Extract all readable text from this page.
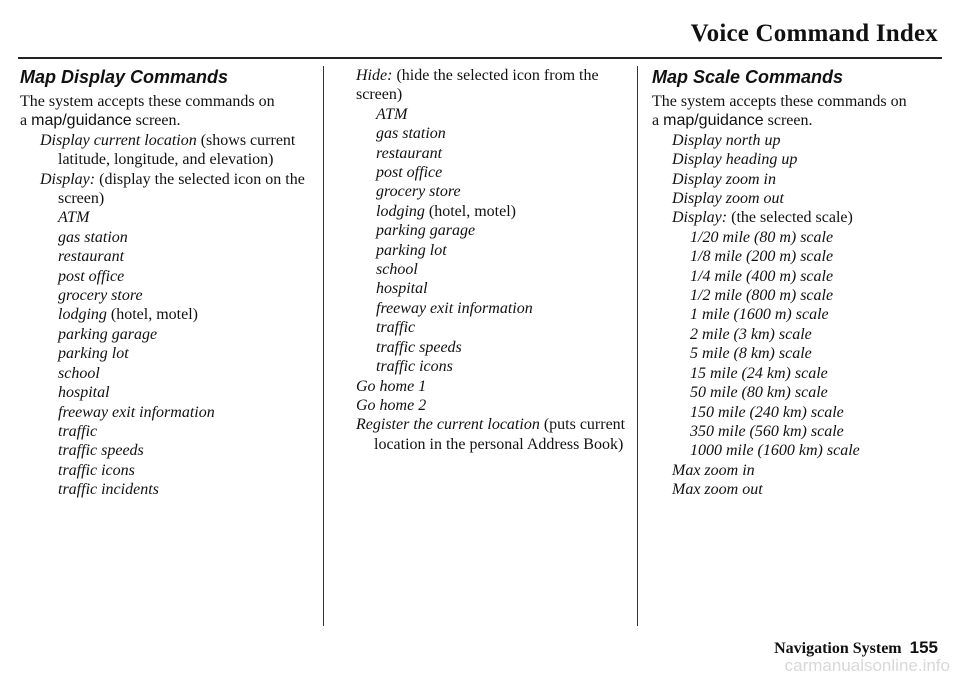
Voice Command Index
Map Display Commands

The system accepts these commands on
a map/guidance screen.

Display current location (shows current latitude, longitude, and elevation)

Display: (display the selected icon on the screen)

ATM

gas station

restaurant

post office

grocery store

lodging (hotel, motel)

parking garage

parking lot

school

hospital

freeway exit information

traffic

traffic speeds

traffic icons

traffic incidents

Hide: (hide the selected icon from the screen)

ATM

gas station

restaurant

post office

grocery store

lodging (hotel, motel)

parking garage

parking lot

school

hospital

freeway exit information

traffic

traffic speeds

traffic icons

Go home 1

Go home 2

Register the current location (puts current location in the personal Address Book)

Map Scale Commands

The system accepts these commands on
a map/guidance screen.

Display north up

Display heading up

Display zoom in

Display zoom out

Display: (the selected scale)

1/20 mile (80 m) scale

1/8 mile (200 m) scale

1/4 mile (400 m) scale

1/2 mile (800 m) scale

1 mile (1600 m) scale

2 mile (3 km) scale

5 mile (8 km) scale

15 mile (24 km) scale

50 mile (80 km) scale

150 mile (240 km) scale

350 mile (560 km) scale

1000 mile (1600 km) scale

Max zoom in

Max zoom out

Navigation System 155
carmanualsonline.info
